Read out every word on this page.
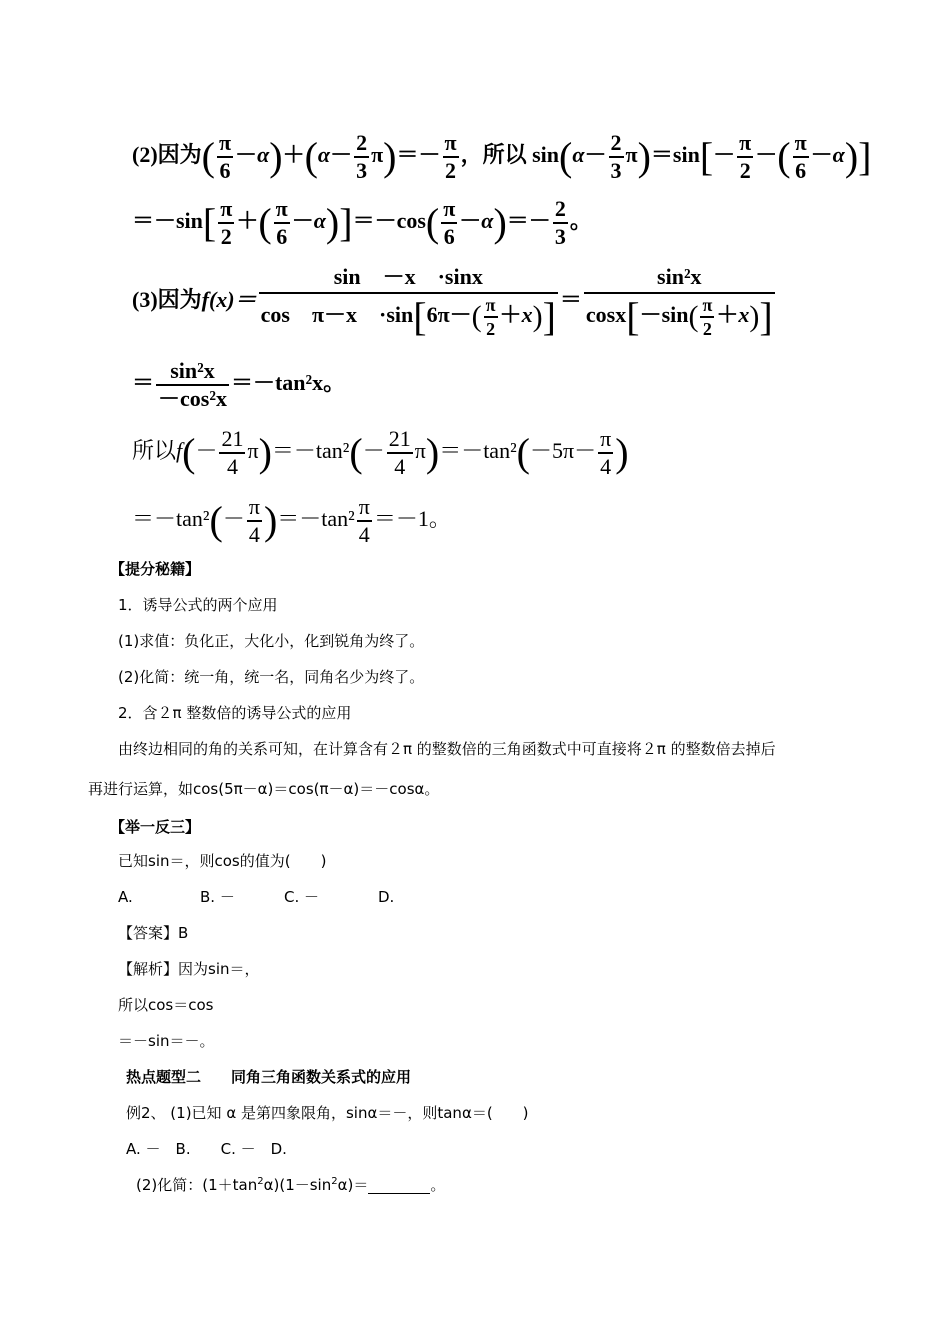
(2)因为( $\frac{\pi}{6} -\alpha)+(\alpha- \frac{2}{3} \pi)=- \frac{\pi}{2}$ ，所以 $\sin(\alpha- \frac{2}{3} \pi)=\sin[- \frac{\pi}{2}$ －( $\frac{\pi}{6} -\alpha$)]
$=-\sin[ \frac{\pi}{2}$ ＋( $\frac{\pi}{6} -\alpha)]=-\cos( \frac{\pi}{6} -\alpha)=- \frac{2}{3}$ 。
(3)因为$f(x)= \frac{\sin -x \cdot\sin x}{\cos \pi-x \cdot\sin[6\pi-( \frac{\pi}{2} +x)]} = \frac{\text{sin²x}}{\cos x[-\sin( \frac{\pi}{2} +x)]}$
＝ $\frac{\text{sin²x}}{\text{－cos²x}} =-\tan^2x$。
所以$f(- \frac{21}{4} \pi)=-\tan^2(- \frac{21}{4} \pi)=-\tan^2(-5\pi- \frac{\pi}{4}$ )
$=-\tan^2(- \frac{\pi}{4} )=-\tan^2 \frac{\pi}{4} =-1$。
【提分秘籍】
1．诱导公式的两个应用
(1)求值：负化正，大化小，化到锐角为终了。
(2)化简：统一角，统一名，同角名少为终了。
2．含２π 整数倍的诱导公式的应用
由终边相同的角的关系可知，在计算含有２π 的整数倍的三角函数式中可直接将２π 的整数倍去掉后
再进行运算，如cos(5π－α)＝cos(π－α)＝－cosα。
【举一反三】
已知sin＝，则cos的值为(　　)
A.	B. －	C. －	D.
【答案】B
【解析】因为sin＝，
所以cos＝cos
＝－sin＝－。
热点题型二　　同角三角函数关系式的应用
例2、 (1)已知 α 是第四象限角，sinα＝－，则tanα＝(　　)
A. －　B.　　C. －　D.
(2)化简：$(1+\tan^2\alpha)(1-\sin^2\alpha)=$	。
